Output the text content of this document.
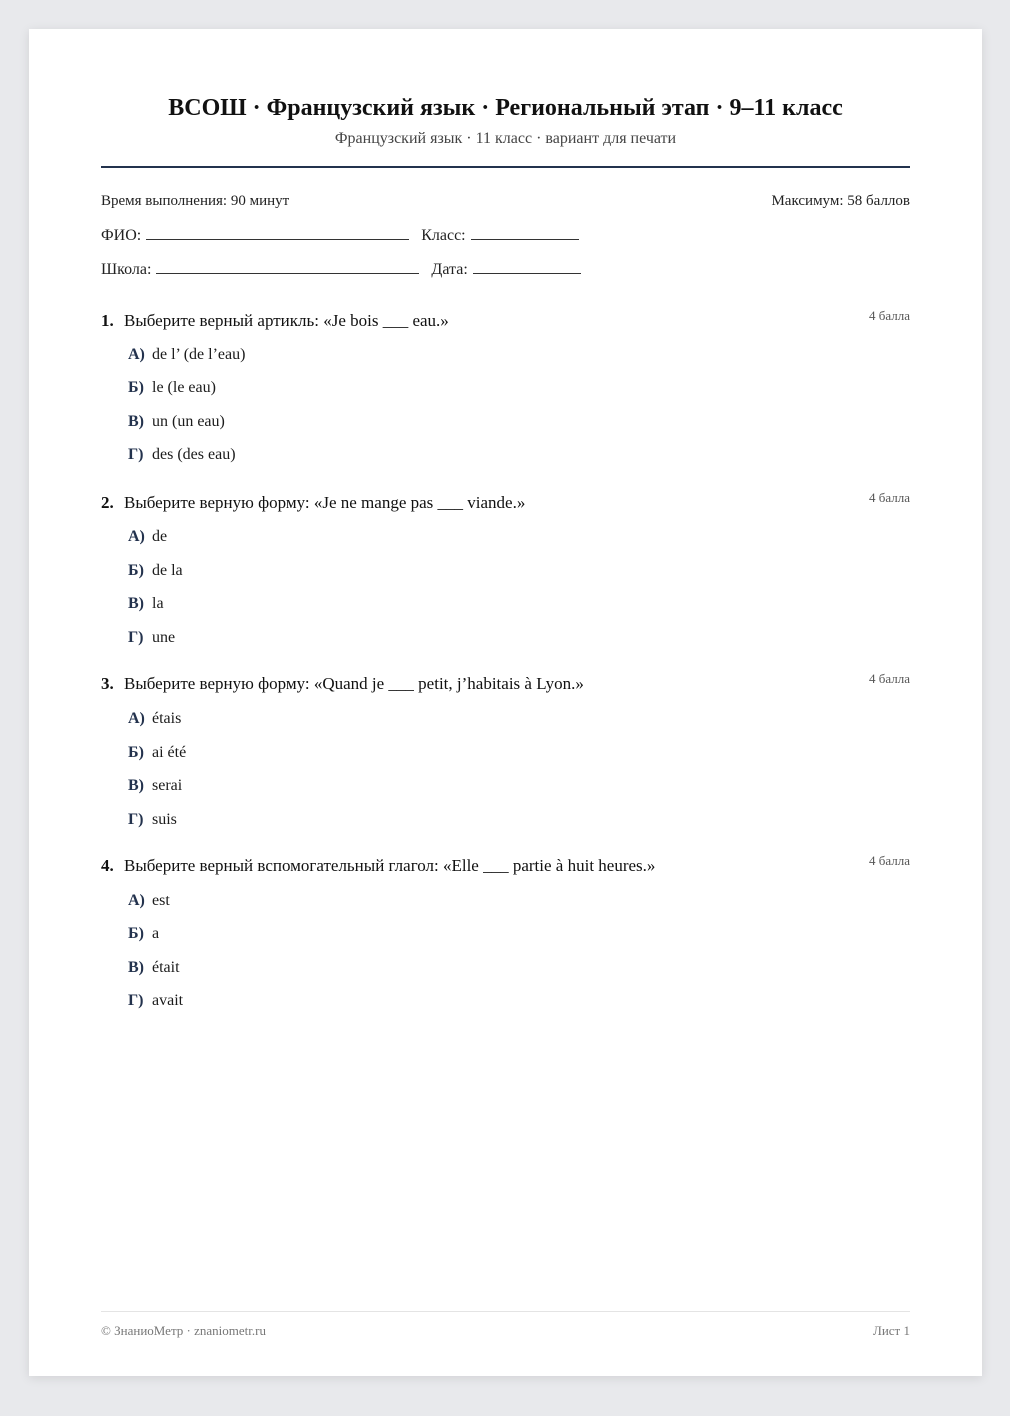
ВСОШ · Французский язык · Региональный этап · 9–11 класс
Французский язык · 11 класс · вариант для печати
Время выполнения: 90 минут	Максимум: 58 баллов
ФИО:	Класс:
Школа:	Дата:
1. Выберите верный артикль: «Je bois ___ eau.»	4 балла
А) de l’ (de l’eau)
Б) le (le eau)
В) un (un eau)
Г) des (des eau)
2. Выберите верную форму: «Je ne mange pas ___ viande.»	4 балла
А) de
Б) de la
В) la
Г) une
3. Выберите верную форму: «Quand je ___ petit, j’habitais à Lyon.»	4 балла
А) étais
Б) ai été
В) serai
Г) suis
4. Выберите верный вспомогательный глагол: «Elle ___ partie à huit heures.»	4 балла
А) est
Б) a
В) était
Г) avait
© ЗнаниоМетр · znaniometr.ru	Лист 1
